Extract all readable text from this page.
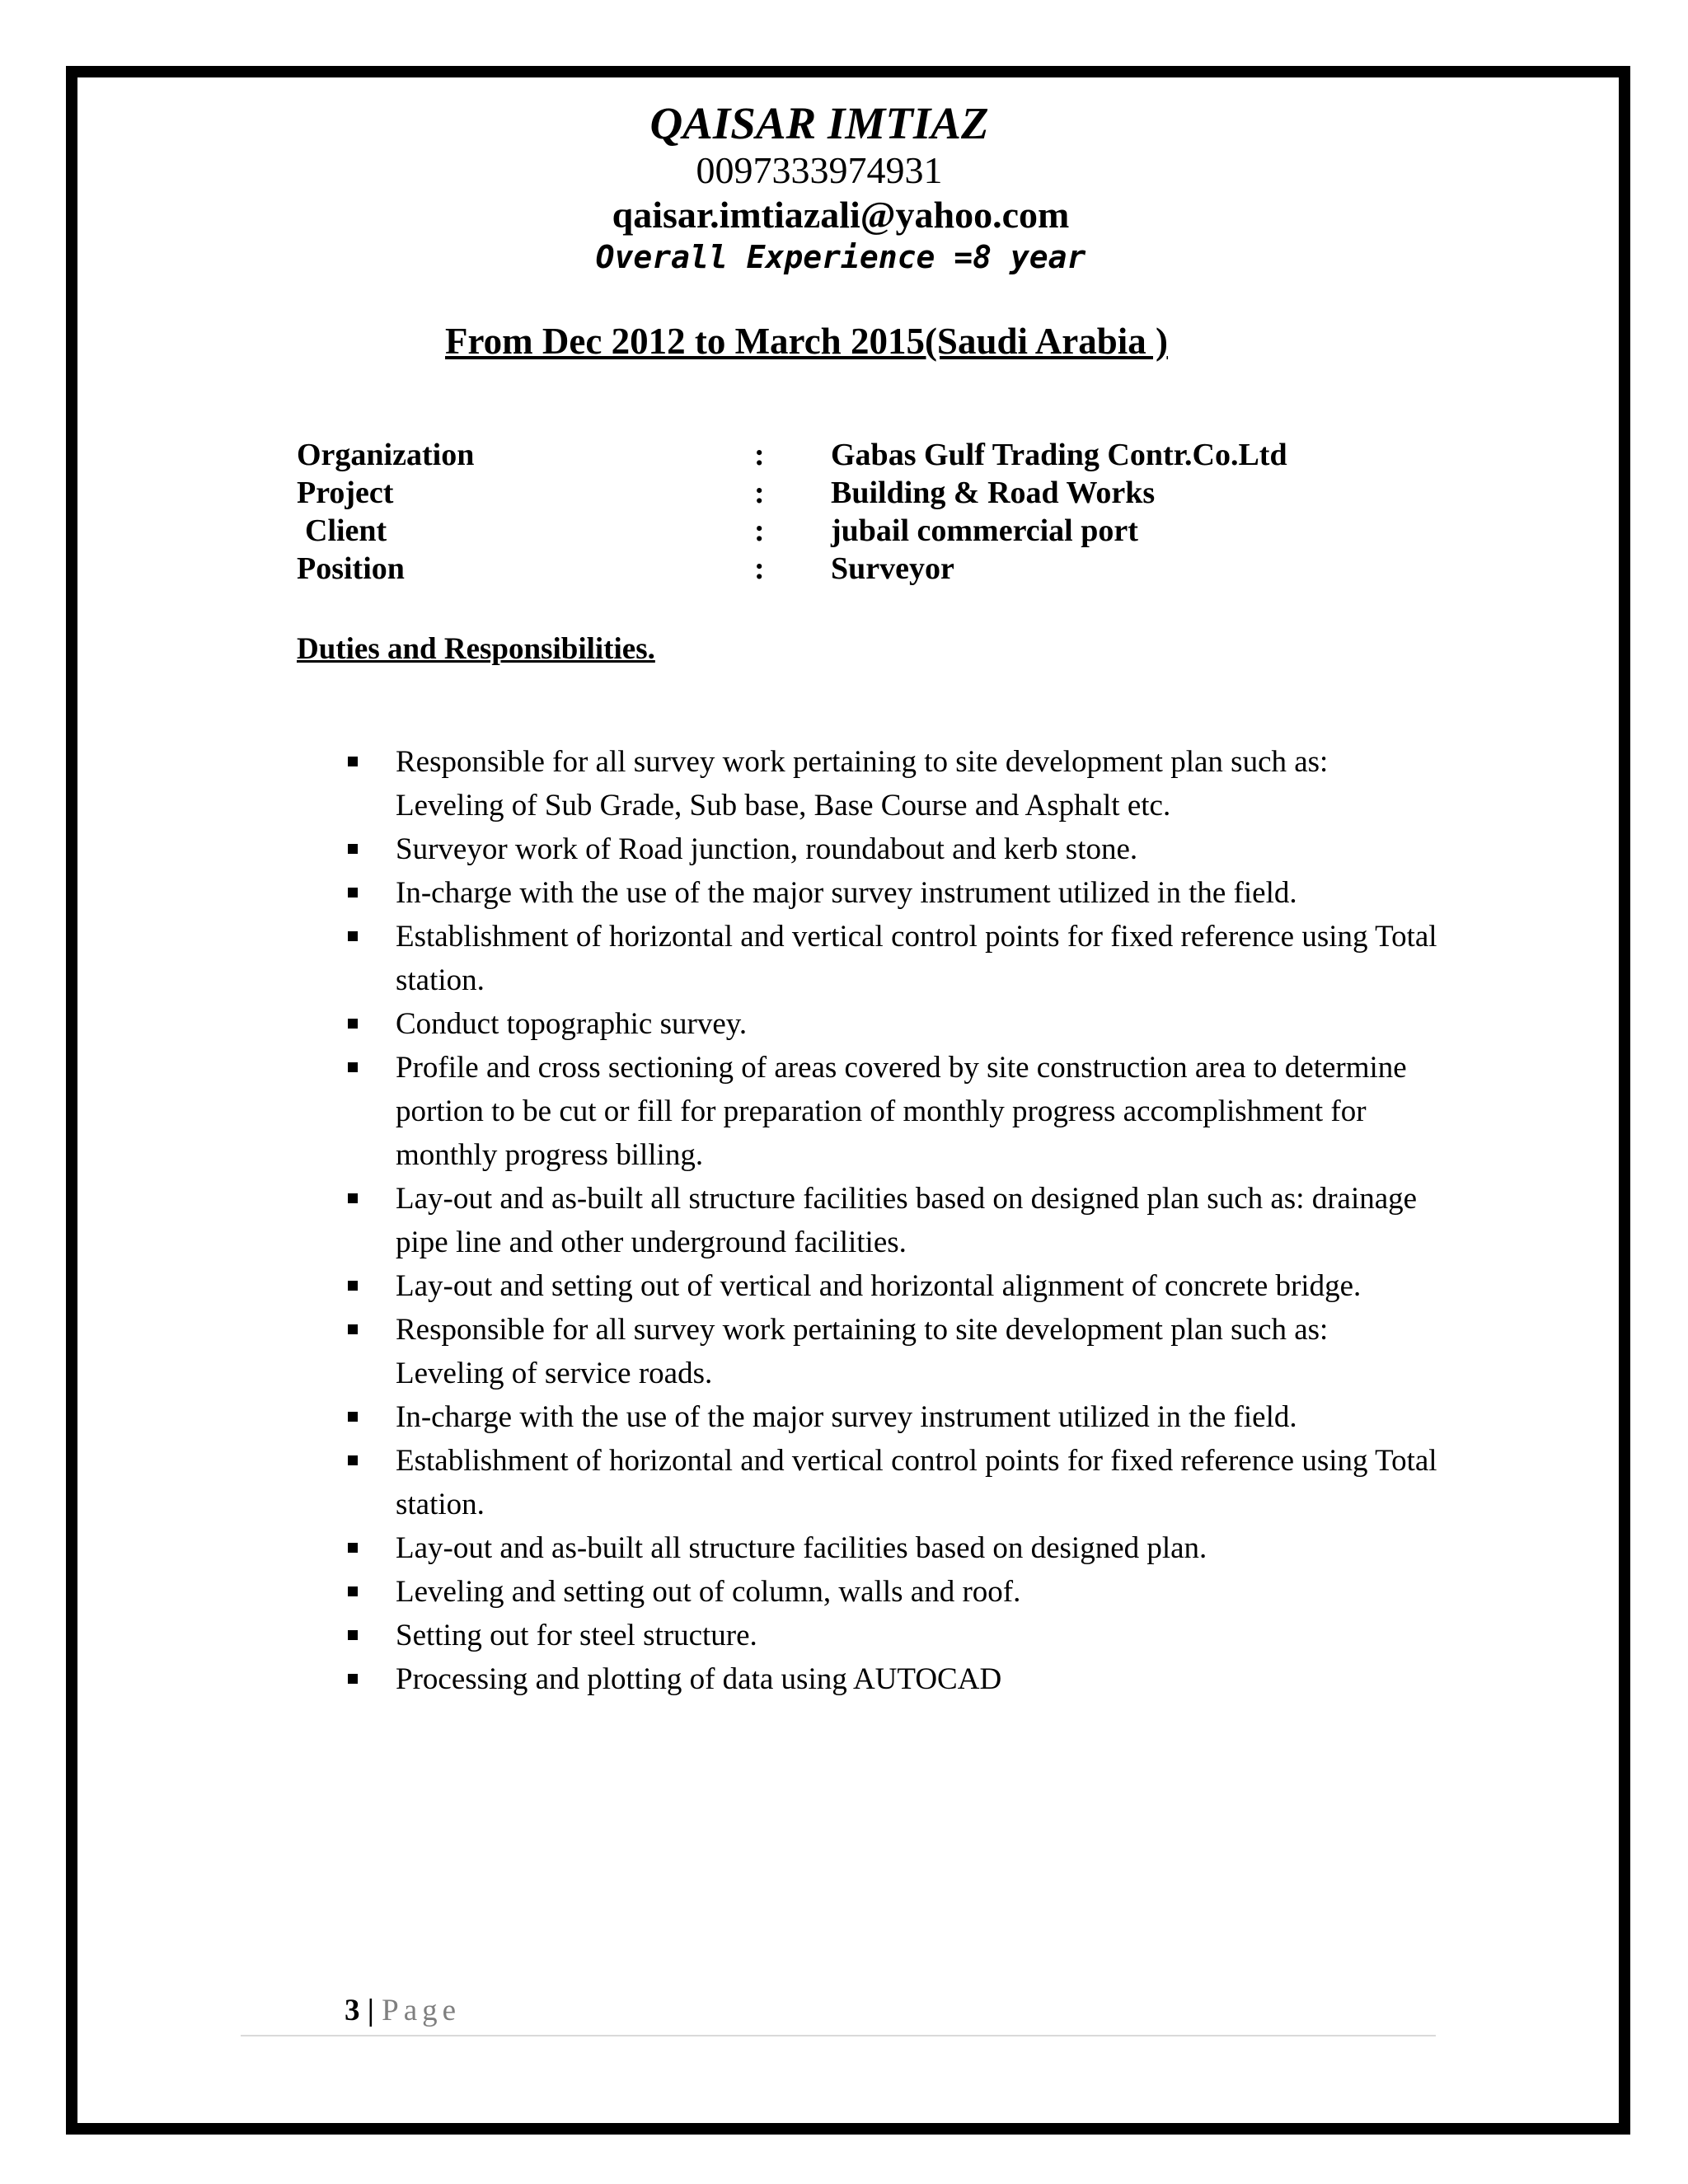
QAISAR IMTIAZ
0097333974931
qaisar.imtiazali@yahoo.com
Overall Experience =8 year
From Dec 2012 to March 2015(Saudi Arabia )
Organization	: Gabas Gulf Trading Contr.Co.Ltd
Project	: Building & Road Works
Client	: jubail commercial port
Position	: Surveyor
Duties and Responsibilities.
Responsible for all survey work pertaining to site development plan such as: Leveling of Sub Grade, Sub base, Base Course and Asphalt etc.
Surveyor work of Road junction, roundabout and kerb stone.
In-charge with the use of the major survey instrument utilized in the field.
Establishment of horizontal and vertical control points for fixed reference using Total station.
Conduct topographic survey.
Profile and cross sectioning of areas covered by site construction area to determine portion to be cut or fill for preparation of monthly progress accomplishment for monthly progress billing.
Lay-out and as-built all structure facilities based on designed plan such as: drainage pipe line and other underground facilities.
Lay-out and setting out of vertical and horizontal alignment of concrete bridge.
Responsible for all survey work pertaining to site development plan such as: Leveling of service roads.
In-charge with the use of the major survey instrument utilized in the field.
Establishment of horizontal and vertical control points for fixed reference using Total station.
Lay-out and as-built all structure facilities based on designed plan.
Leveling and setting out of column, walls and roof.
Setting out for steel structure.
Processing and plotting of data using AUTOCAD
3 | Page
